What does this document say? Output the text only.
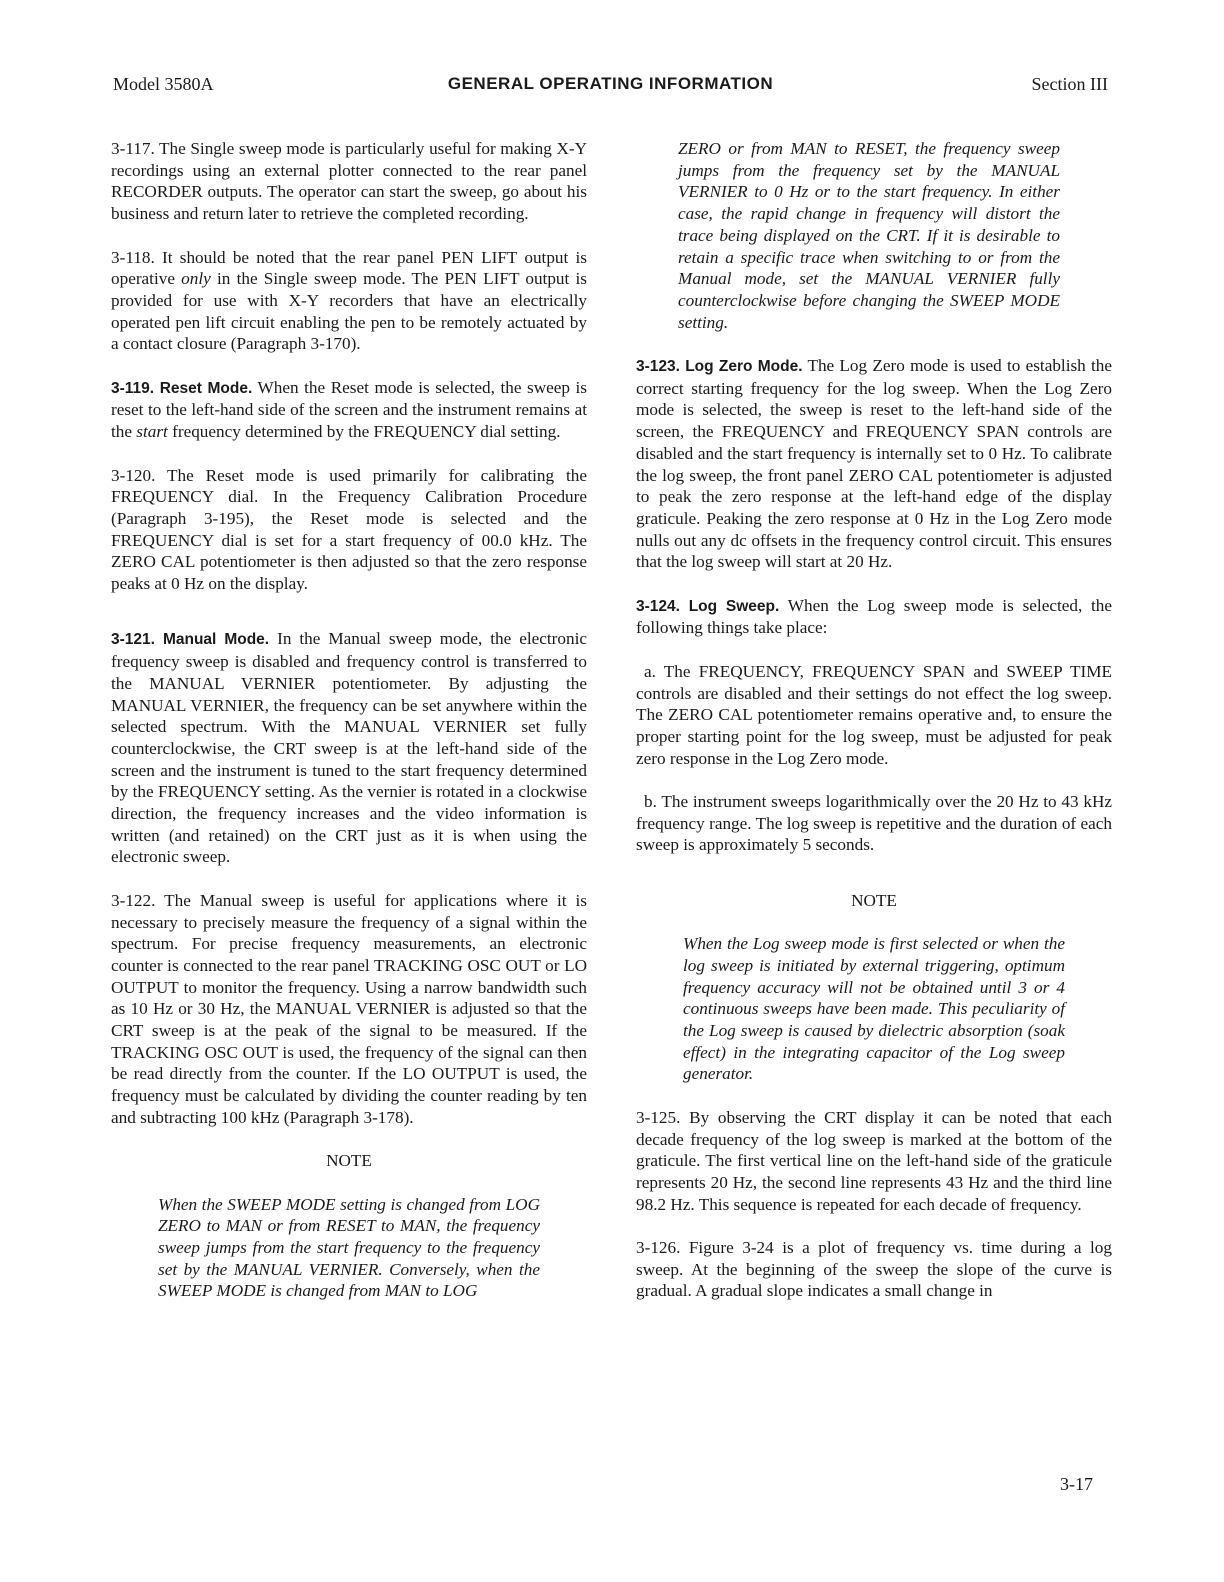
Model 3580A	GENERAL OPERATING INFORMATION	Section III

3-117. The Single sweep mode is particularly useful for making X-Y recordings using an external plotter connected to the rear panel RECORDER outputs. The operator can start the sweep, go about his business and return later to retrieve the completed recording.

3-118. It should be noted that the rear panel PEN LIFT output is operative only in the Single sweep mode. The PEN LIFT output is provided for use with X-Y recorders that have an electrically operated pen lift circuit enabling the pen to be remotely actuated by a contact closure (Paragraph 3-170).

3-119. Reset Mode. When the Reset mode is selected, the sweep is reset to the left-hand side of the screen and the instrument remains at the start frequency determined by the FREQUENCY dial setting.

3-120. The Reset mode is used primarily for calibrating the FREQUENCY dial. In the Frequency Calibration Procedure (Paragraph 3-195), the Reset mode is selected and the FREQUENCY dial is set for a start frequency of 00.0 kHz. The ZERO CAL potentiometer is then adjusted so that the zero response peaks at 0 Hz on the display.

3-121. Manual Mode. In the Manual sweep mode, the electronic frequency sweep is disabled and frequency control is transferred to the MANUAL VERNIER potentiometer. By adjusting the MANUAL VERNIER, the frequency can be set anywhere within the selected spectrum. With the MANUAL VERNIER set fully counterclockwise, the CRT sweep is at the left-hand side of the screen and the instrument is tuned to the start frequency determined by the FREQUENCY setting. As the vernier is rotated in a clockwise direction, the frequency increases and the video information is written (and retained) on the CRT just as it is when using the electronic sweep.

3-122. The Manual sweep is useful for applications where it is necessary to precisely measure the frequency of a signal within the spectrum. For precise frequency measurements, an electronic counter is connected to the rear panel TRACKING OSC OUT or LO OUTPUT to monitor the frequency. Using a narrow bandwidth such as 10 Hz or 30 Hz, the MANUAL VERNIER is adjusted so that the CRT sweep is at the peak of the signal to be measured. If the TRACKING OSC OUT is used, the frequency of the signal can then be read directly from the counter. If the LO OUTPUT is used, the frequency must be calculated by dividing the counter reading by ten and subtracting 100 kHz (Paragraph 3-178).

NOTE

When the SWEEP MODE setting is changed from LOG ZERO to MAN or from RESET to MAN, the frequency sweep jumps from the start frequency to the frequency set by the MANUAL VERNIER. Conversely, when the SWEEP MODE is changed from MAN to LOG

ZERO or from MAN to RESET, the frequency sweep jumps from the frequency set by the MANUAL VERNIER to 0 Hz or to the start frequency. In either case, the rapid change in frequency will distort the trace being displayed on the CRT. If it is desirable to retain a specific trace when switching to or from the Manual mode, set the MANUAL VERNIER fully counterclockwise before changing the SWEEP MODE setting.

3-123. Log Zero Mode. The Log Zero mode is used to establish the correct starting frequency for the log sweep. When the Log Zero mode is selected, the sweep is reset to the left-hand side of the screen, the FREQUENCY and FREQUENCY SPAN controls are disabled and the start frequency is internally set to 0 Hz. To calibrate the log sweep, the front panel ZERO CAL potentiometer is adjusted to peak the zero response at the left-hand edge of the display graticule. Peaking the zero response at 0 Hz in the Log Zero mode nulls out any dc offsets in the frequency control circuit. This ensures that the log sweep will start at 20 Hz.

3-124. Log Sweep. When the Log sweep mode is selected, the following things take place:

a. The FREQUENCY, FREQUENCY SPAN and SWEEP TIME controls are disabled and their settings do not effect the log sweep. The ZERO CAL potentiometer remains operative and, to ensure the proper starting point for the log sweep, must be adjusted for peak zero response in the Log Zero mode.

b. The instrument sweeps logarithmically over the 20 Hz to 43 kHz frequency range. The log sweep is repetitive and the duration of each sweep is approximately 5 seconds.

NOTE

When the Log sweep mode is first selected or when the log sweep is initiated by external triggering, optimum frequency accuracy will not be obtained until 3 or 4 continuous sweeps have been made. This peculiarity of the Log sweep is caused by dielectric absorption (soak effect) in the integrating capacitor of the Log sweep generator.

3-125. By observing the CRT display it can be noted that each decade frequency of the log sweep is marked at the bottom of the graticule. The first vertical line on the left-hand side of the graticule represents 20 Hz, the second line represents 43 Hz and the third line 98.2 Hz. This sequence is repeated for each decade of frequency.

3-126. Figure 3-24 is a plot of frequency vs. time during a log sweep. At the beginning of the sweep the slope of the curve is gradual. A gradual slope indicates a small change in

3-17
